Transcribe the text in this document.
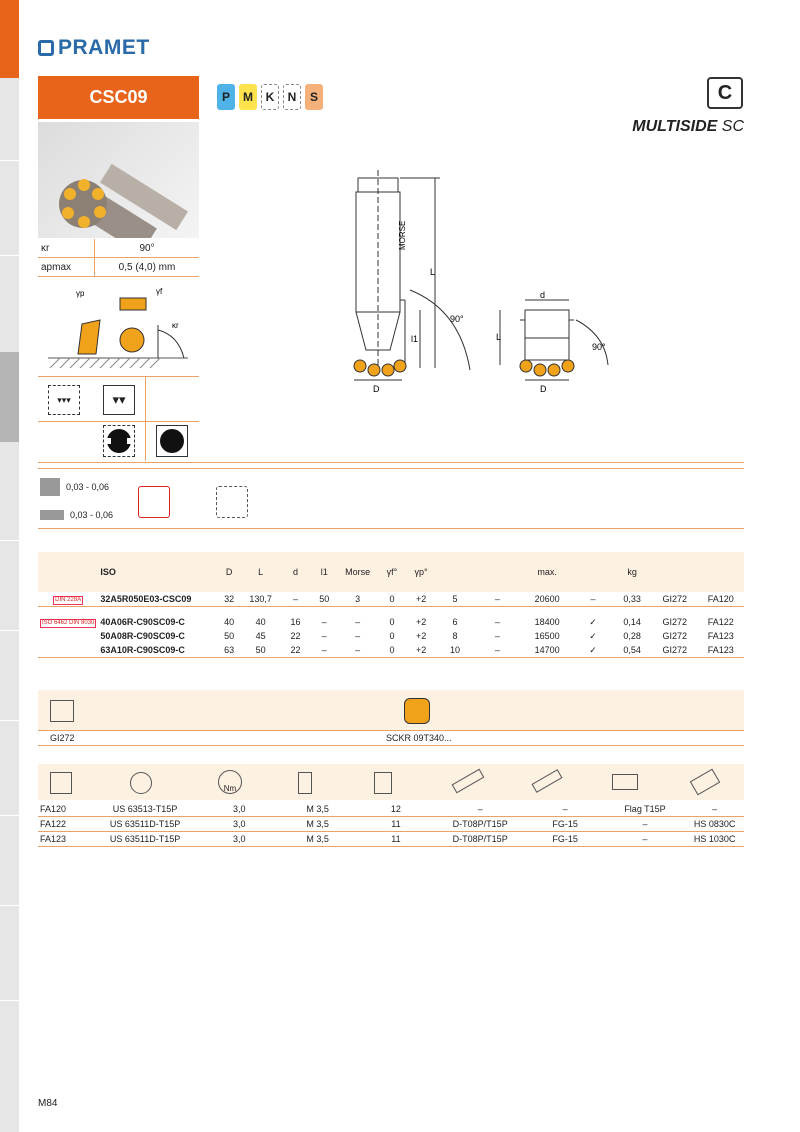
PRAMET
CSC09	P	M	K	N	S	C
MULTISIDE SC
κr	90°
apmax	0,5 (4,0) mm
γp	γf
κr
▾▾▾	▾▾
MORSE
L
l1
90°
D
d
L
D
90°
0,03 - 0,06
0,03 - 0,06
	ISO	D	L	d	l1	Morse	γf°	γp°			max.		kg		
DIN 228A	32A5R050E03-CSC09	32	130,7	–	50	3	0	+2	5	–	20600	–	0,33	GI272	FA120

ISO 6462 DIN 8030	40A06R-C90SC09-C	40	40	16	–	–	0	+2	6	–	18400	✓	0,14	GI272	FA122
	50A08R-C90SC09-C	50	45	22	–	–	0	+2	8	–	16500	✓	0,28	GI272	FA123
	63A10R-C90SC09-C	63	50	22	–	–	0	+2	10	–	14700	✓	0,54	GI272	FA123
GI272	SCKR 09T340...
Nm
FA120	US 63513-T15P	3,0	M 3,5	12	–	–	Flag T15P	–
FA122	US 63511D-T15P	3,0	M 3,5	11	D-T08P/T15P	FG-15	–	HS 0830C
FA123	US 63511D-T15P	3,0	M 3,5	11	D-T08P/T15P	FG-15	–	HS 1030C
M84
